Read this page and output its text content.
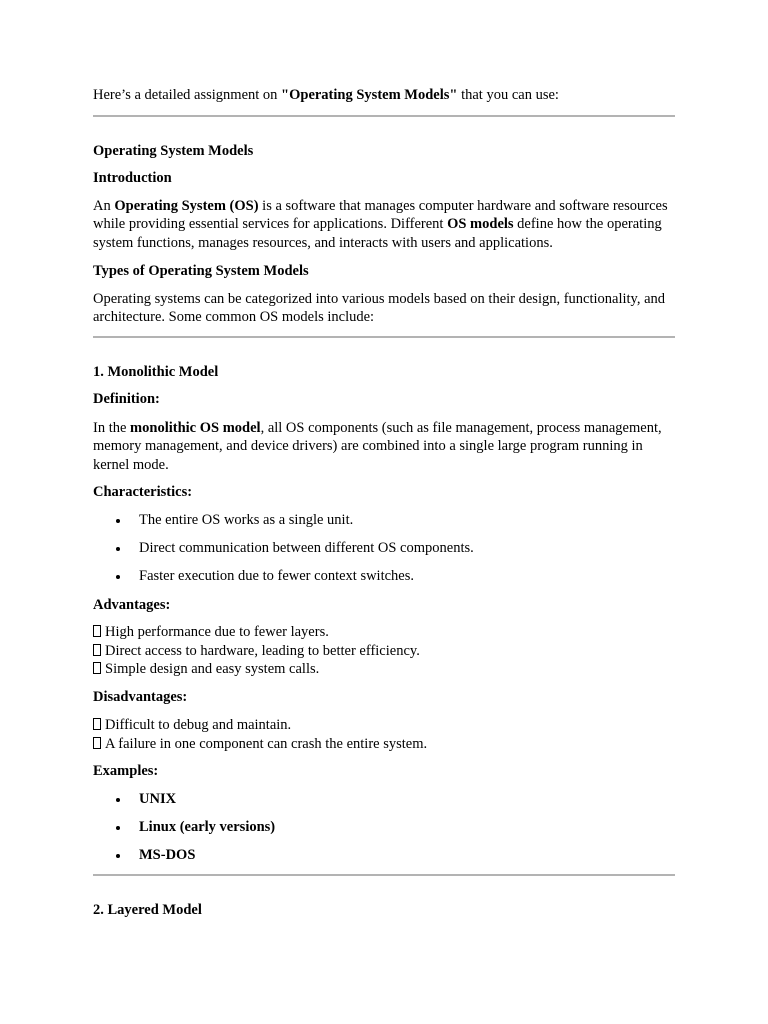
Here’s a detailed assignment on "Operating System Models" that you can use:

Operating System Models

Introduction

An Operating System (OS) is a software that manages computer hardware and software resources while providing essential services for applications. Different OS models define how the operating system functions, manages resources, and interacts with users and applications.

Types of Operating System Models

Operating systems can be categorized into various models based on their design, functionality, and architecture. Some common OS models include:

1. Monolithic Model

Definition:

In the monolithic OS model, all OS components (such as file management, process management, memory management, and device drivers) are combined into a single large program running in kernel mode.

Characteristics:

The entire OS works as a single unit.
Direct communication between different OS components.
Faster execution due to fewer context switches.

Advantages:

High performance due to fewer layers.
Direct access to hardware, leading to better efficiency.
Simple design and easy system calls.

Disadvantages:

Difficult to debug and maintain.
A failure in one component can crash the entire system.

Examples:

UNIX
Linux (early versions)
MS-DOS

2. Layered Model
